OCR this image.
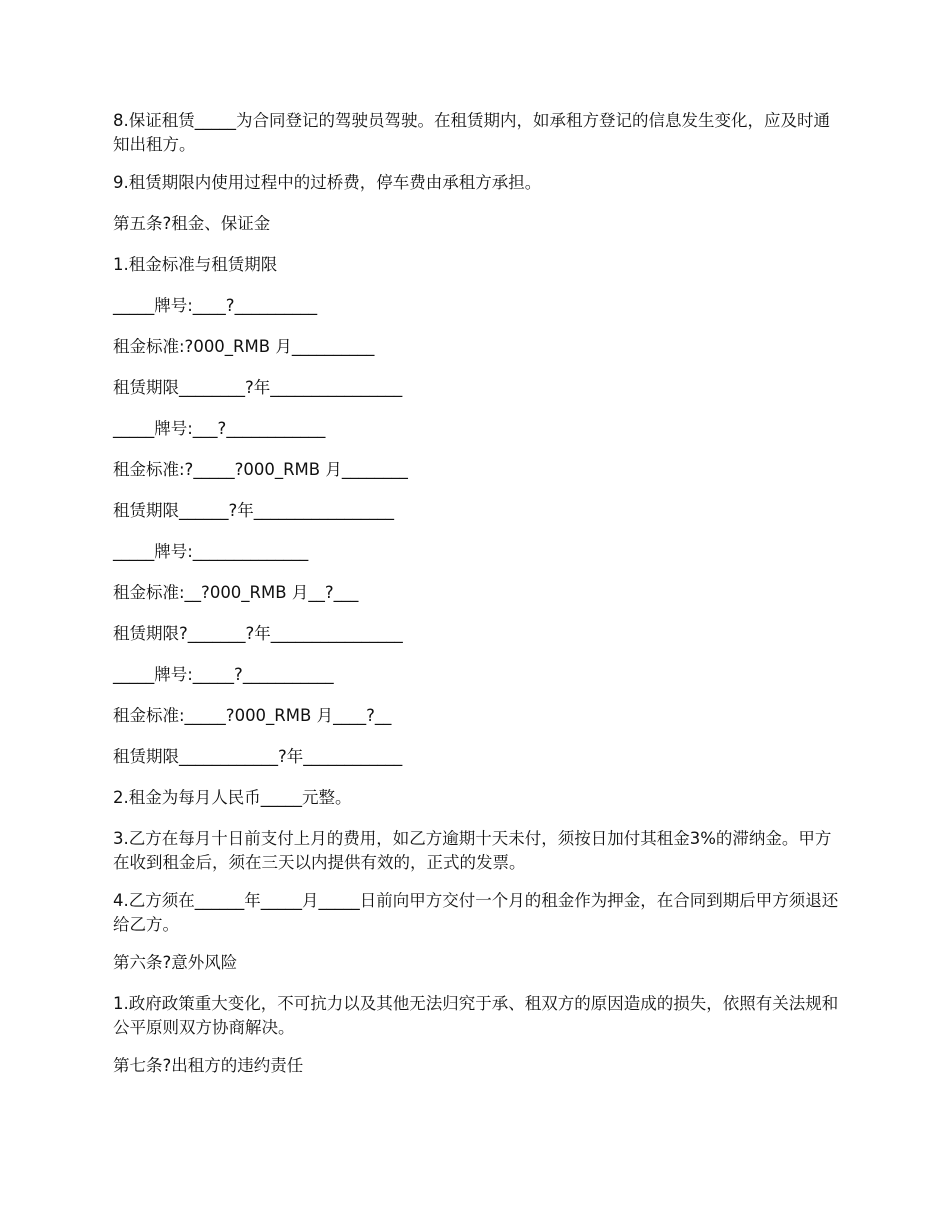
8.保证租赁_____为合同登记的驾驶员驾驶。在租赁期内，如承租方登记的信息发生变化，应及时通知出租方。

9.租赁期限内使用过程中的过桥费，停车费由承租方承担。

第五条?租金、保证金

1.租金标准与租赁期限

_____牌号:____?__________

租金标准:?000_RMB 月__________

租赁期限________?年________________

_____牌号:___?____________

租金标准:?_____?000_RMB 月________

租赁期限______?年_________________

_____牌号:______________

租金标准:__?000_RMB 月__?___

租赁期限?_______?年________________

_____牌号:_____?___________

租金标准:_____?000_RMB 月____?__

租赁期限____________?年____________

2.租金为每月人民币_____元整。

3.乙方在每月十日前支付上月的费用，如乙方逾期十天未付，须按日加付其租金3%的滞纳金。甲方在收到租金后，须在三天以内提供有效的，正式的发票。

4.乙方须在______年_____月_____日前向甲方交付一个月的租金作为押金，在合同到期后甲方须退还给乙方。

第六条?意外风险

1.政府政策重大变化，不可抗力以及其他无法归究于承、租双方的原因造成的损失，依照有关法规和公平原则双方协商解决。

第七条?出租方的违约责任
